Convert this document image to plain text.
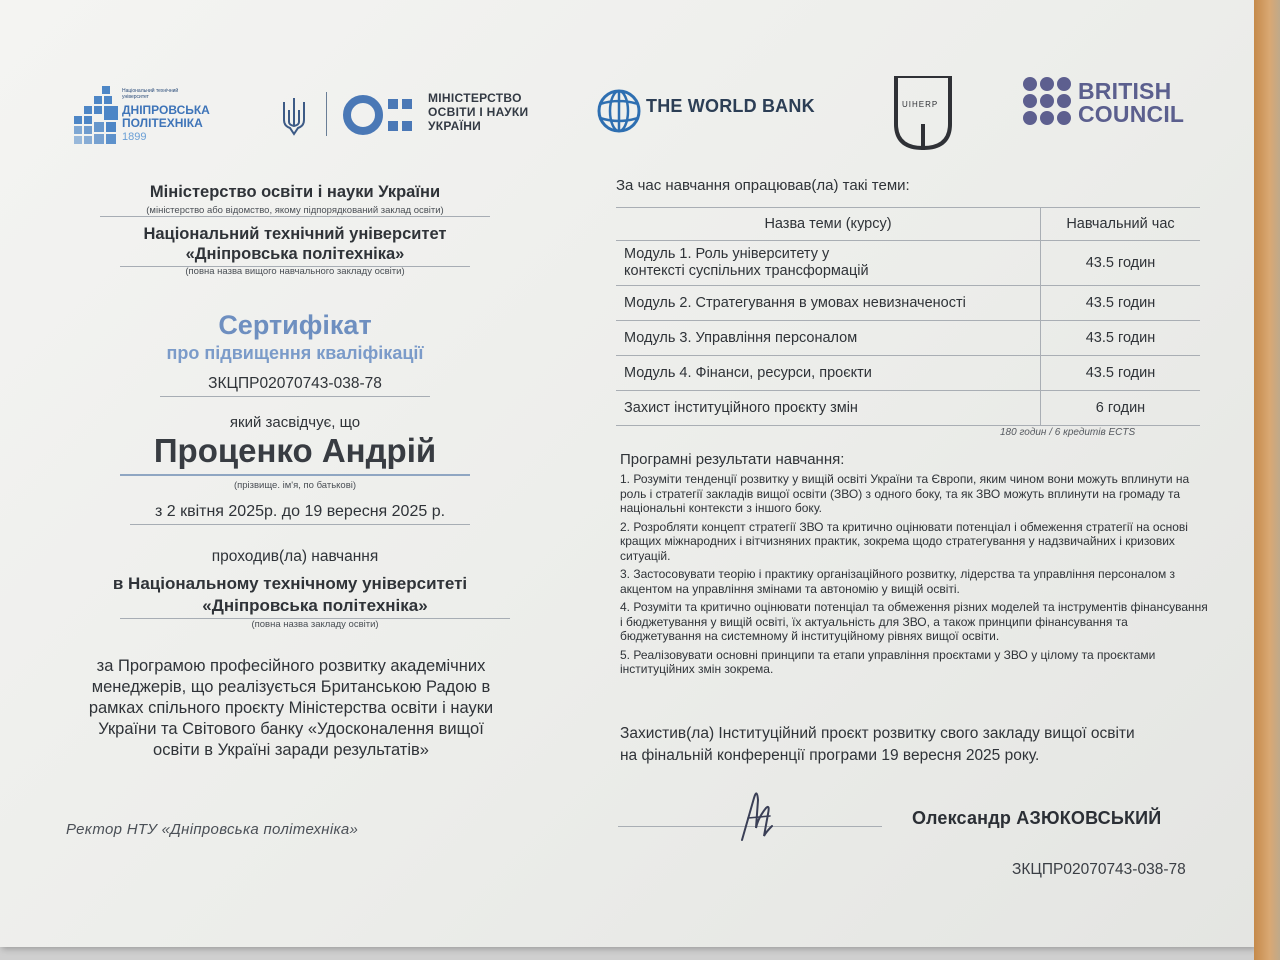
Національний технічний університет
ДНІПРОВСЬКА
ПОЛІТЕХНІКА
1899
МІНІСТЕРСТВО
ОСВІТИ І НАУКИ
УКРАЇНИ
THE WORLD BANK	UIHERP
BRITISH
COUNCIL
Міністерство освіти і науки України
(міністерство або відомство, якому підпорядкований заклад освіти)
Національний технічний університет
«Дніпровська політехніка»
(повна назва вищого навчального закладу освіти)
Сертифікат
про підвищення кваліфікації
ЗКЦПР02070743-038-78
який засвідчує, що
Проценко Андрій
(прізвище. ім'я, по батькові)
з 2 квітня 2025р. до 19 вересня 2025 р.
проходив(ла) навчання
в Національному технічному університеті
«Дніпровська політехніка»
(повна назва закладу освіти)
за Програмою професійного розвитку академічних
менеджерів, що реалізується Британською Радою в
рамках спільного проєкту Міністерства освіти і науки
України та Світового банку «Удосконалення вищої
освіти в Україні заради результатів»
Ректор НТУ «Дніпровська політехніка»
За час навчання опрацював(ла) такі теми:
Назва теми (курсу)	Навчальний час

Модуль 1. Роль університету у
контексті суспільних трансформацій	43.5 годин
Модуль 2. Стратегування в умовах невизначеності	43.5 годин
Модуль 3. Управління персоналом	43.5 годин
Модуль 4. Фінанси, ресурси, проєкти	43.5 годин
Захист інституційного проєкту змін	6 годин
180 годин / 6 кредитів ECTS
Програмні результати навчання:
1. Розуміти тенденції розвитку у вищій освіті України та Європи, яким чином вони можуть вплинути на роль і стратегії закладів вищої освіти (ЗВО) з одного боку, та як ЗВО можуть вплинути на громаду та національні контексти з іншого боку.
2. Розробляти концепт стратегії ЗВО та критично оцінювати потенціал і обмеження стратегії на основі кращих міжнародних і вітчизняних практик, зокрема щодо стратегування у надзвичайних і кризових ситуацій.
3. Застосовувати теорію і практику організаційного розвитку, лідерства та управління персоналом з акцентом на управління змінами та автономію у вищій освіті.
4. Розуміти та критично оцінювати потенціал та обмеження різних моделей та інструментів фінансування і бюджетування у вищій освіті, їх актуальність для ЗВО, а також принципи фінансування та бюджетування на системному й інституційному рівнях вищої освіти.
5. Реалізовувати основні принципи та етапи управління проєктами у ЗВО у цілому та проєктами інституційних змін зокрема.
Захистив(ла) Інституційний проєкт розвитку свого закладу вищої освіти
на фінальній конференції програми 19 вересня 2025 року.
Олександр АЗЮКОВСЬКИЙ
ЗКЦПР02070743-038-78
